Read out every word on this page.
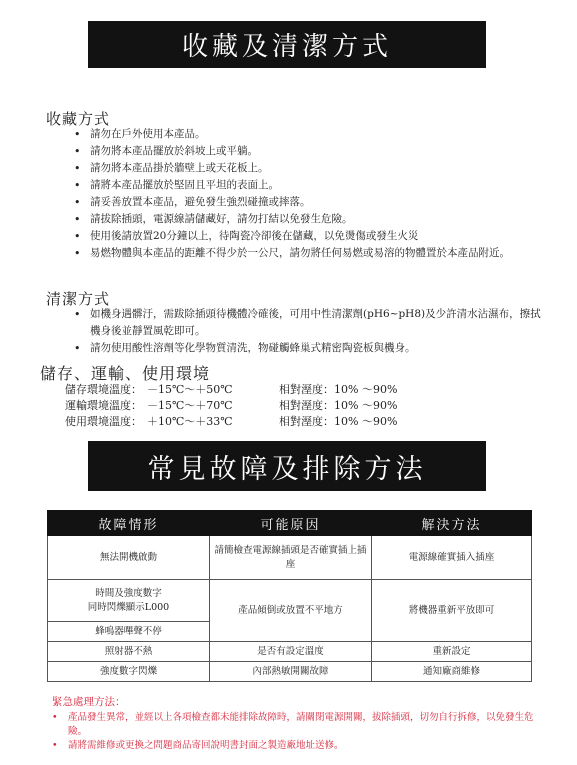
收藏及清潔方式
收藏方式
• 請勿在戶外使用本產品。
• 請勿將本產品擺放於斜坡上或平躺。
• 請勿將本產品掛於牆壁上或天花板上。
• 請將本產品擺放於堅固且平坦的表面上。
• 請妥善放置本產品，避免發生強烈碰撞或摔落。
• 請拔除插頭，電源線請儲藏好，請勿打結以免發生危險。
• 使用後請放置20分鐘以上，待陶瓷冷卻後在儲藏，以免燙傷或發生火災
• 易燃物體與本產品的距離不得少於一公尺，請勿將任何易燃或易溶的物體置於本產品附近。
清潔方式
• 如機身遇髒汙，需跋除插頭待機體冷確後，可用中性清潔劑(pH6~pH8)及少許清水沾濕布，擦拭機身後並靜置風乾即可。
• 請勿使用酸性溶劑等化學物質清洗，物碰觸蜂巢式精密陶瓷板與機身。
儲存、運輸、使用環境
儲存環境溫度： －15℃～＋50℃	相對溼度：10% ～90%
運輸環境溫度： －15℃～＋70℃	相對溼度：10% ～90%
使用環境溫度： ＋10℃～＋33℃	相對溼度：10% ～90%
常見故障及排除方法
故障情形	可能原因	解決方法
無法開機啟動	請簡檢查電源線插頭是否確實插上插座	電源線確實插入插座

時間及強度數字
同時閃爍顯示L000	產品傾倒或放置不平地方	將機器重新平放即可
蜂鳴器嗶聲不停		
照射器不熱	是否有設定溫度	重新設定
強度數字閃爍	內部熱敏開關故障	通知廠商維修
緊急處理方法：
• 產品發生異常，並經以上各項檢查都未能排除故障時，請關閉電源開關，拔除插頭，切勿自行拆修，以免發生危險。
• 請將需維修或更換之問題商品寄回說明書封面之製造廠地址送修。
